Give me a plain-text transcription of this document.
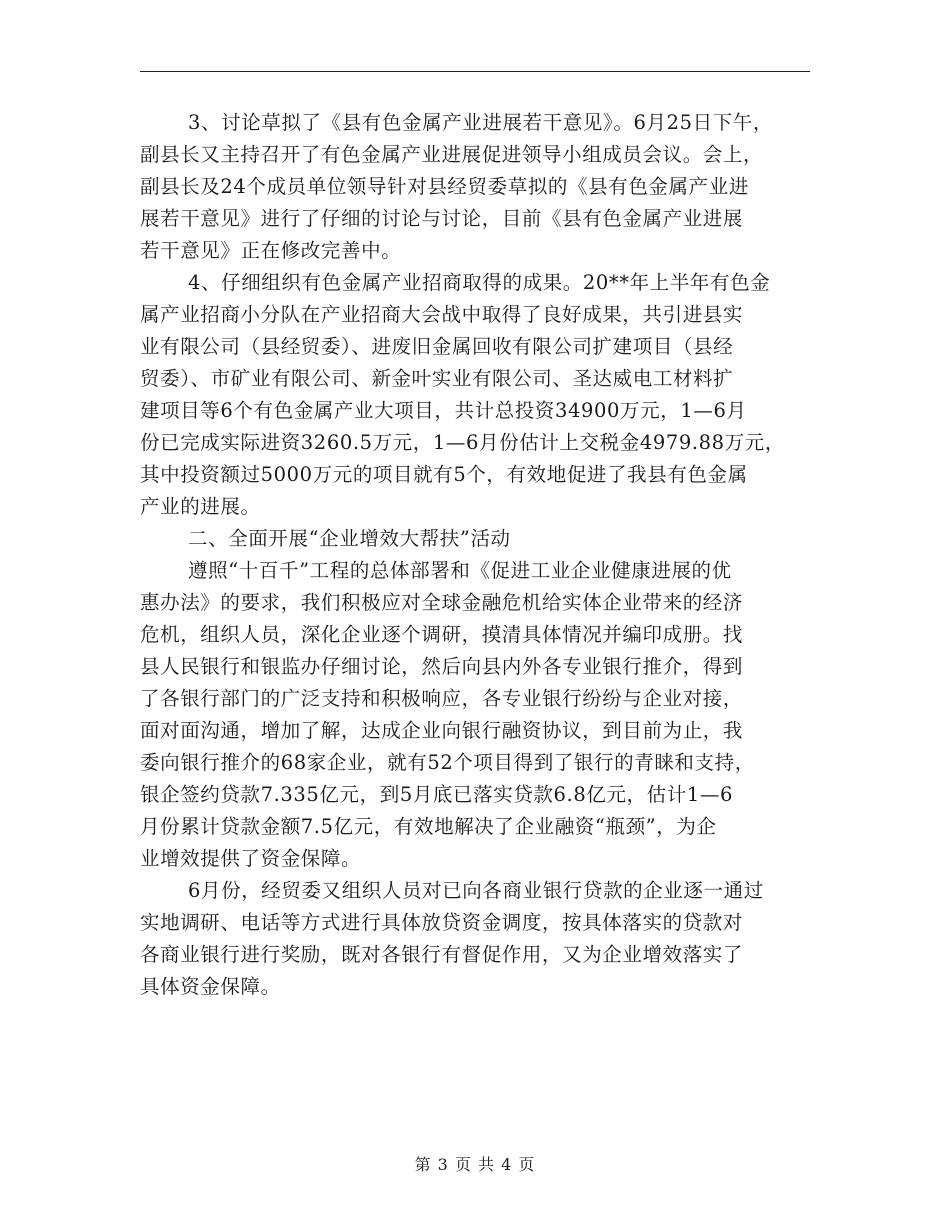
3、讨论草拟了《县有色金属产业进展若干意见》。6月25日下午，
副县长又主持召开了有色金属产业进展促进领导小组成员会议。会上，
副县长及24个成员单位领导针对县经贸委草拟的《县有色金属产业进
展若干意见》进行了仔细的讨论与讨论，目前《县有色金属产业进展
若干意见》正在修改完善中。
4、仔细组织有色金属产业招商取得的成果。20**年上半年有色金
属产业招商小分队在产业招商大会战中取得了良好成果，共引进县实
业有限公司（县经贸委）、进废旧金属回收有限公司扩建项目（县经
贸委）、市矿业有限公司、新金叶实业有限公司、圣达威电工材料扩
建项目等6个有色金属产业大项目，共计总投资34900万元，1—6月
份已完成实际进资3260.5万元，1—6月份估计上交税金4979.88万元，
其中投资额过5000万元的项目就有5个，有效地促进了我县有色金属
产业的进展。
二、全面开展“企业增效大帮扶”活动
遵照“十百千”工程的总体部署和《促进工业企业健康进展的优
惠办法》的要求，我们积极应对全球金融危机给实体企业带来的经济
危机，组织人员，深化企业逐个调研，摸清具体情况并编印成册。找
县人民银行和银监办仔细讨论，然后向县内外各专业银行推介，得到
了各银行部门的广泛支持和积极响应，各专业银行纷纷与企业对接，
面对面沟通，增加了解，达成企业向银行融资协议，到目前为止，我
委向银行推介的68家企业，就有52个项目得到了银行的青睐和支持，
银企签约贷款7.335亿元，到5月底已落实贷款6.8亿元，估计1—6
月份累计贷款金额7.5亿元，有效地解决了企业融资“瓶颈”，为企
业增效提供了资金保障。
6月份，经贸委又组织人员对已向各商业银行贷款的企业逐一通过
实地调研、电话等方式进行具体放贷资金调度，按具体落实的贷款对
各商业银行进行奖励，既对各银行有督促作用，又为企业增效落实了
具体资金保障。
第 3 页 共 4 页
